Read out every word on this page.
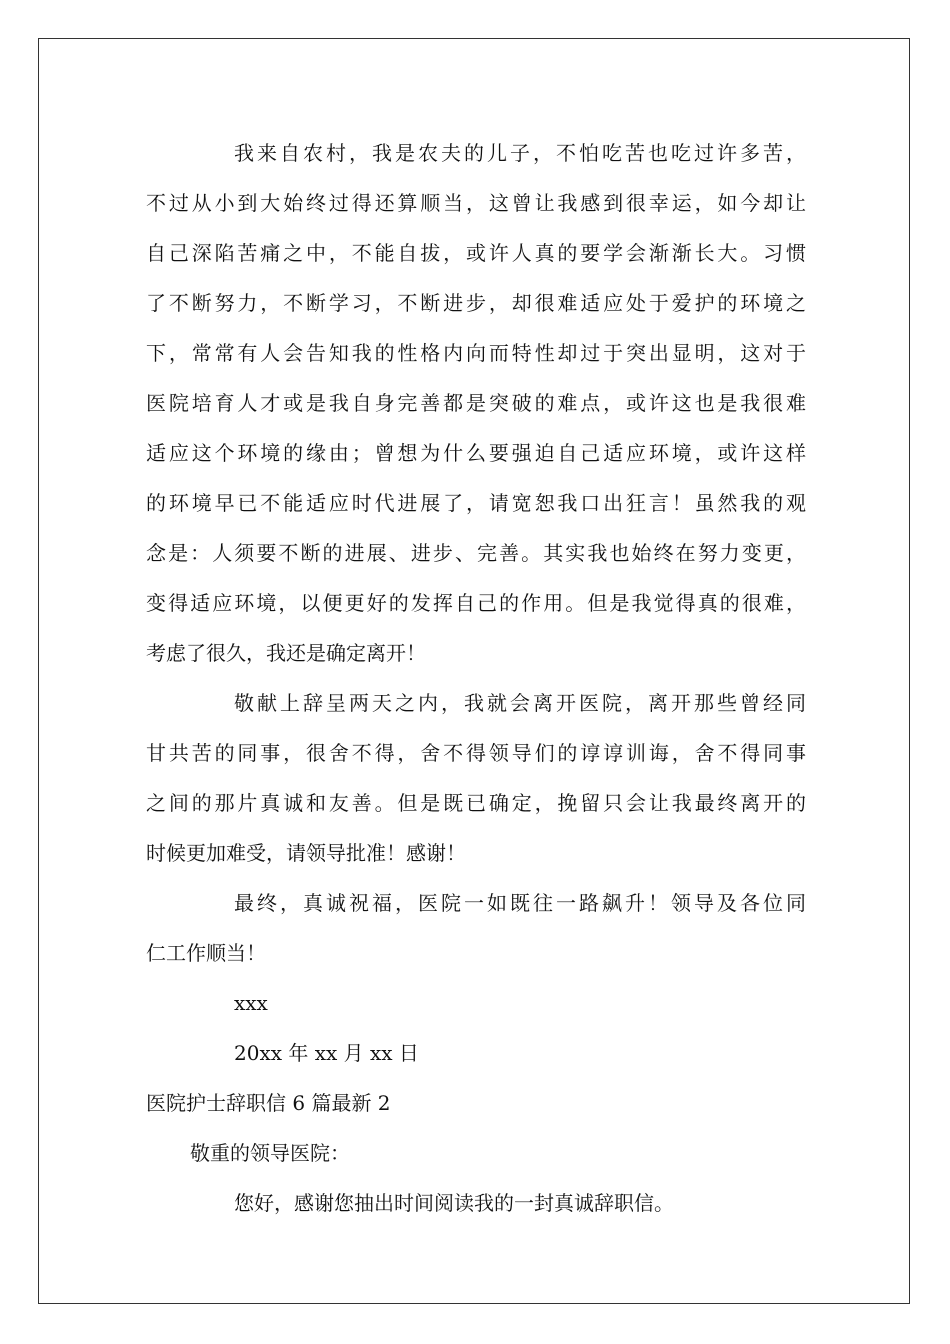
我来自农村，我是农夫的儿子，不怕吃苦也吃过许多苦，
不过从小到大始终过得还算顺当，这曾让我感到很幸运，如今却让
自己深陷苦痛之中，不能自拔，或许人真的要学会渐渐长大。习惯
了不断努力，不断学习，不断进步，却很难适应处于爱护的环境之
下，常常有人会告知我的性格内向而特性却过于突出显明，这对于
医院培育人才或是我自身完善都是突破的难点，或许这也是我很难
适应这个环境的缘由；曾想为什么要强迫自己适应环境，或许这样
的环境早已不能适应时代进展了，请宽恕我口出狂言！虽然我的观
念是：人须要不断的进展、进步、完善。其实我也始终在努力变更，
变得适应环境，以便更好的发挥自己的作用。但是我觉得真的很难，
考虑了很久，我还是确定离开！
敬献上辞呈两天之内，我就会离开医院，离开那些曾经同
甘共苦的同事，很舍不得，舍不得领导们的谆谆训诲，舍不得同事
之间的那片真诚和友善。但是既已确定，挽留只会让我最终离开的
时候更加难受，请领导批准！感谢！
最终，真诚祝福，医院一如既往一路飙升！领导及各位同
仁工作顺当！
xxx
20xx 年 xx 月 xx 日
医院护士辞职信 6 篇最新 2
敬重的领导医院：
您好，感谢您抽出时间阅读我的一封真诚辞职信。
